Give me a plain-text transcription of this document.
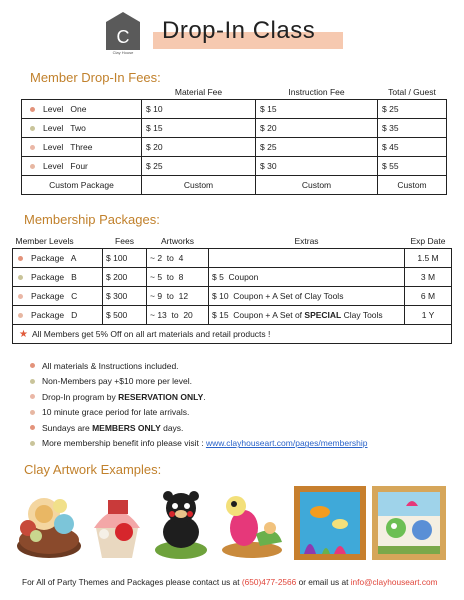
C
Clay House
Drop-In Class
Member Drop-In Fees:
	Material Fee	Instruction Fee	Total / Guest
Level   One	$ 10	$ 15	$ 25
Level   Two	$ 15	$ 20	$ 35
Level   Three	$ 20	$ 25	$ 45
Level   Four	$ 25	$ 30	$ 55
Custom Package	Custom	Custom	Custom
Membership Packages:
Member Levels	Fees	Artworks	Extras	Exp Date
Package   A	$ 100	~ 2  to  4		1.5 M
Package   B	$ 200	~ 5  to  8	$ 5  Coupon	3 M
Package   C	$ 300	~ 9  to  12	$ 10  Coupon + A Set of Clay Tools	6 M
Package   D	$ 500	~ 13  to  20	$ 15  Coupon + A Set of SPECIAL Clay Tools	1 Y
★ All Members get 5% Off on all art materials and retail products !
All materials & Instructions included.
Non-Members pay +$10 more per level.
Drop-In program by RESERVATION ONLY .
10 minute grace period for late arrivals.
Sundays are MEMBERS ONLY days.
More membership benefit info please visit : www.clayhouseart.com/pages/membership
Clay Artwork Examples:
For All of Party Themes and Packages please contact us at (650)477-2566 or email us at info@clayhouseart.com
